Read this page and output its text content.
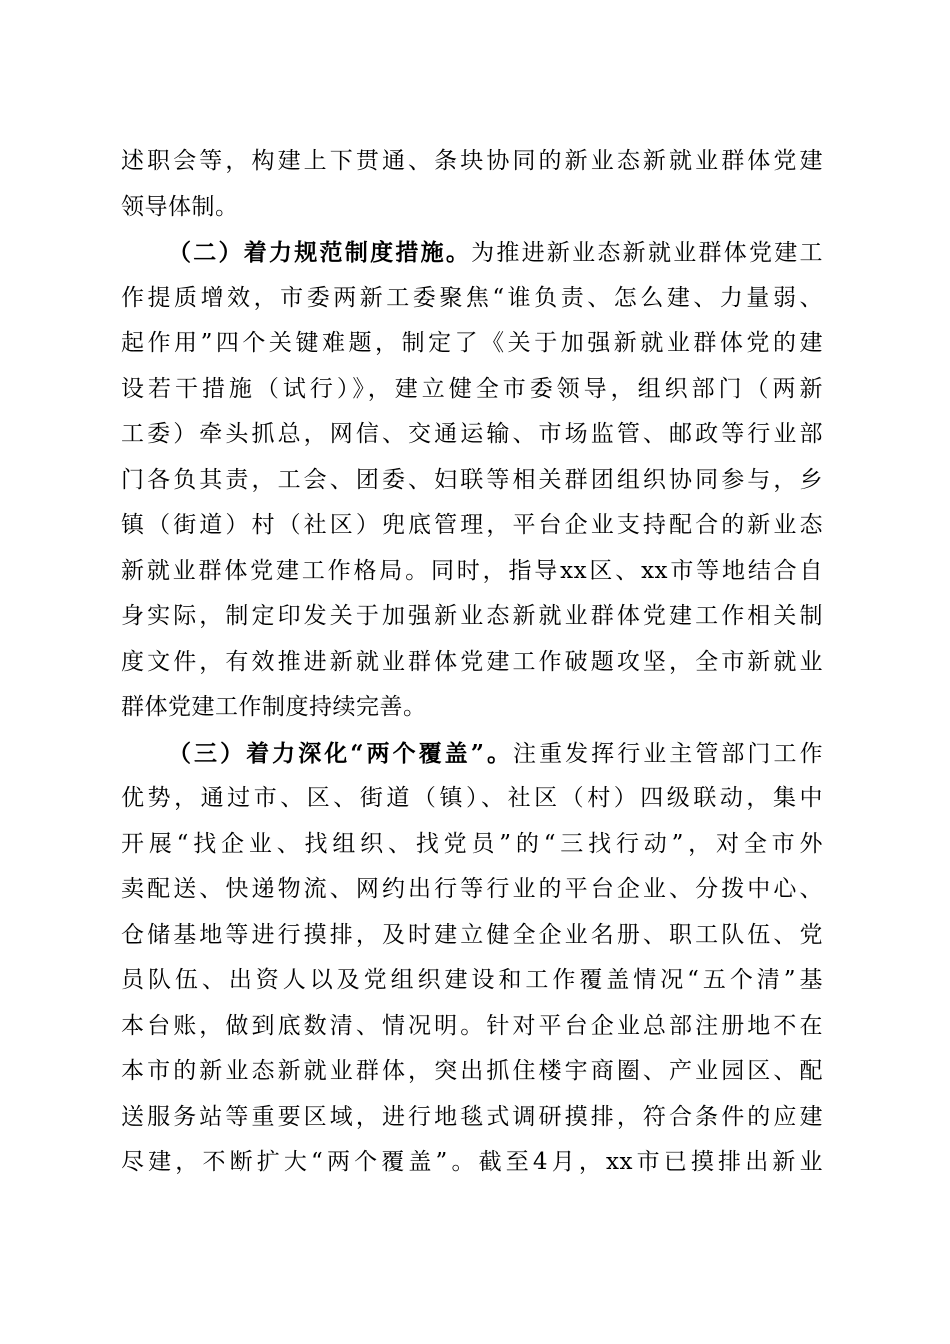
述职会等，构建上下贯通、条块协同的新业态新就业群体党建
领导体制。
（二）着力规范制度措施。为推进新业态新就业群体党建工
作提质增效，市委两新工委聚焦“谁负责、怎么建、力量弱、
起作用”四个关键难题，制定了《关于加强新就业群体党的建
设若干措施（试行）》，建立健全市委领导，组织部门（两新
工委）牵头抓总，网信、交通运输、市场监管、邮政等行业部
门各负其责，工会、团委、妇联等相关群团组织协同参与，乡
镇（街道）村（社区）兜底管理，平台企业支持配合的新业态
新就业群体党建工作格局。同时，指导xx区、xx市等地结合自
身实际，制定印发关于加强新业态新就业群体党建工作相关制
度文件，有效推进新就业群体党建工作破题攻坚，全市新就业
群体党建工作制度持续完善。
（三）着力深化“两个覆盖”。注重发挥行业主管部门工作
优势，通过市、区、街道（镇）、社区（村）四级联动，集中
开展“找企业、找组织、找党员”的“三找行动”，对全市外
卖配送、快递物流、网约出行等行业的平台企业、分拨中心、
仓储基地等进行摸排，及时建立健全企业名册、职工队伍、党
员队伍、出资人以及党组织建设和工作覆盖情况“五个清”基
本台账，做到底数清、情况明。针对平台企业总部注册地不在
本市的新业态新就业群体，突出抓住楼宇商圈、产业园区、配
送服务站等重要区域，进行地毯式调研摸排，符合条件的应建
尽建，不断扩大“两个覆盖”。截至4月，xx市已摸排出新业
